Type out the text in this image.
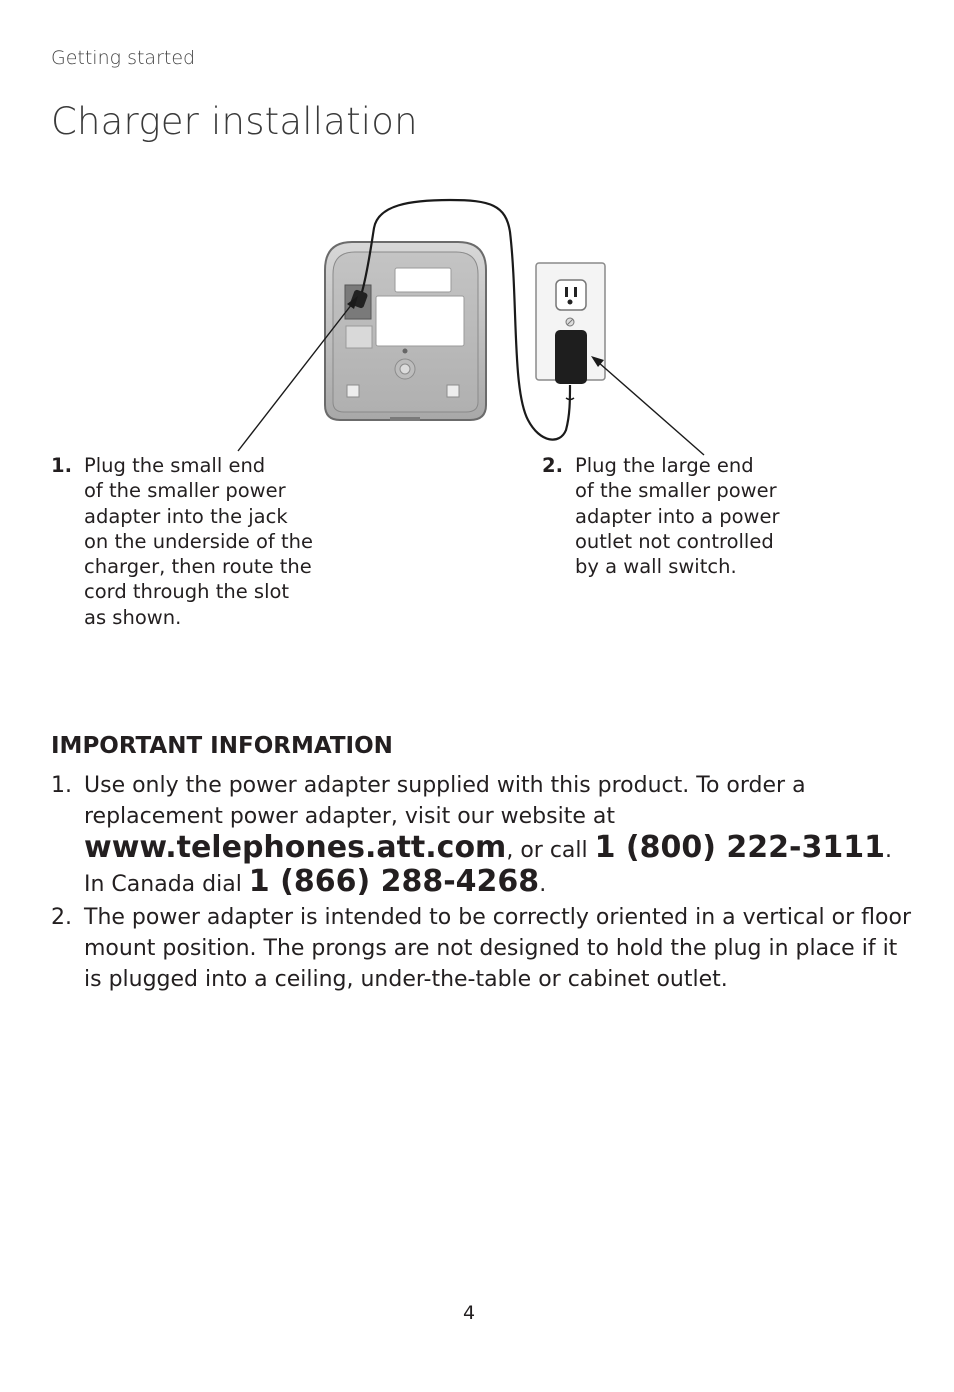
Getting started
Charger installation
1. Plug the small end
of the smaller power
adapter into the jack
on the underside of the
charger, then route the
cord through the slot
as shown.
2. Plug the large end
of the smaller power
adapter into a power
outlet not controlled
by a wall switch.
IMPORTANT INFORMATION
1. Use only the power adapter supplied with this product. To order a replacement power adapter, visit our website at
www.telephones.att.com, or call 1 (800) 222-3111.
In Canada dial 1 (866) 288-4268.
2. The power adapter is intended to be correctly oriented in a vertical or floor mount position. The prongs are not designed to hold the plug in place if it is plugged into a ceiling, under-the-table or cabinet outlet.
4
